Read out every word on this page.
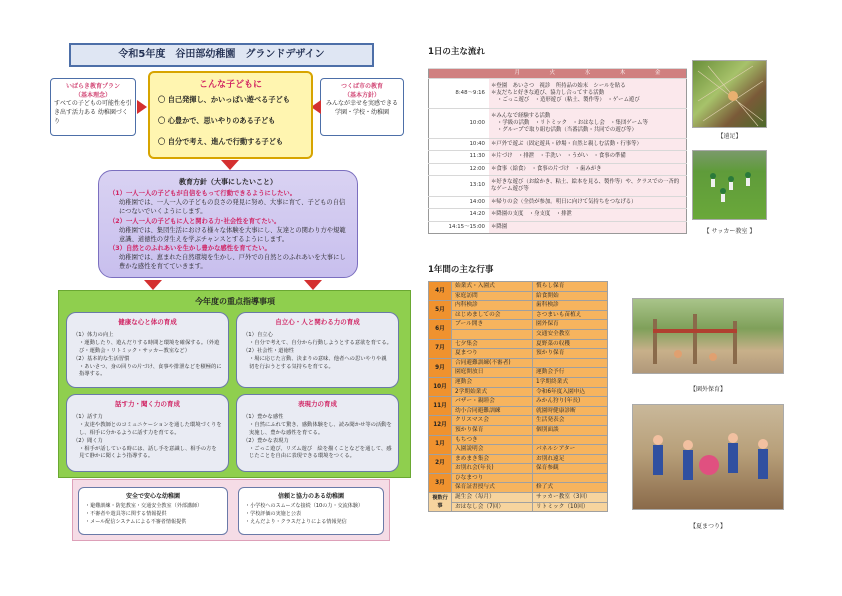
令和5年度　谷田部幼稚園　グランドデザイン
いばらき教育プラン
（基本理念）
すべての子どもの可能性を引き出す活力ある 幼稚園づくり
つくば市の教育
（基本方針）
みんなが幸せを実感できる学園・学校・幼稚園
こんな子どもに
〇 自己発揮し、かいっぱい遊べる子ども
〇 心豊かで、思いやりのある子ども
〇 自分で考え、進んで行動する子ども
教育方針（大事にしたいこと）
（1）一人一人の子どもが自信をもって行動できるようにしたい。
幼稚園では、一人一人の子どもの良さの発見に努め、大事に育て、子どもの自信につないでいくようにします。
（2）一人一人の子どもに人と関わる力･社会性を育てたい。
幼稚園では、集団生活における様々な体験を大事にし、友達との関わり方や規範意識、道徳性の芽生えを学ぶチャンスとするようにします。
（3）自然とのふれあいを生かし豊かな感性を育てたい。
幼稚園では、恵まれた自然環境を生かし、戸外での自然とのふれあいを大事にし豊かな感性を育てていきます。
今年度の重点指導事項
健康な心と体の育成
（1）体力の向上
・運動したり、遊んだりする時間と環境を確保する。（外遊び・運動会・リトミック・サッカー教室など）
（2）基本的な生活習慣
・あいさつ、身の回りの片づけ、食事や排泄などを積極的に指導する。
自立心・人と関わる力の育成
（1）自立心
・自分で考えて、自分から行動しようとする意欲を育てる。
（2）社会性・道徳性
・場に応じた言動、決まりの意味、他者への思いやりや親切を行おうとする気持ちを育てる。
話す力・聞く力の育成
（1）話す力
・友達や教師とのコミュニケーションを通した環境づくりをし、相手に分かるように話す力を育てる。
（2）聞く力
・相手が話している時には、話し手を意識し、相手の方を見て静かに聞くよう指導する。
表現力の育成
（1）豊かな感性
・自然にふれて驚き、感動体験をし、読み聞かせ等の活動を実施し、豊かな感性を育てる。
（2）豊かな表現力
・ごっこ遊び、リズム遊び　絵を描くことなどを通して、感じたことを自由に表現できる環境をつくる。
安全で安心な幼稚園
・避難訓練・防犯教室・交通安全教室（外部講師）
・不審者や遊具等に関する情報提供
・メール配信システムによる不審者情報提供
信頼と協力のある幼稚園
・小学校へのスムーズな接続（10の力・交流体験）
・学校評価の実施と公表
・えんだより・クラスだよりによる情報発信
1日の主な流れ
	月 火 水 木 金
8:48～9:16	＊登園　あいさつ　視診　所持品の始末　シールを貼る
＊友だちと好きな遊び、協力し合ってする活動
・ごっこ遊び　・造形遊び（粘土、製作等）　・ゲーム遊び

10:00	＊みんなで経験する活動
・学級の活動　・リトミック　・おはなし会　・集団ゲーム等
・グループで取り組む活動（当番活動・共同での遊び等）

10:40	＊戸外で遊ぶ（固定遊具・砂場・自然と親しむ活動・行事等）
11:30	＊片づけ　・排泄　・手洗い　・うがい　・食事の準備
12:00	＊食事（給食）　・食事の片づけ　・歯みがき
13:10	＊好きな遊び（お絵かき、粘土、絵本を見る、製作等）や、クラスでの一斉的なゲーム遊び等
14:00	＊帰りの会（全員が参加。明日に向けて気持ちをつなげる）
14:20	＊降園の支度　・身支度　・排泄
14:15～15:00	＊降園
【遠足】
【 サッカー教室 】
1年間の主な行事
4月	始業式・入園式	慣らし保育
	家庭訪問	給食開始
5月	内科検診	歯科検診
	はじめましての会	さつまいも苗植え
6月	プール開き	園外保育
		交通安全教室
7月	七夕集会	夏野菜の収穫
	夏まつり	預かり保育
9月	合同避難訓練(不審者)	
	園庭開放日	運動会予行
10月	運動会	1学期終業式
	2学期始業式	令和6年度入園申込
11月	バザー・親睦会	みかん狩り(年長)
	幼小合同避難訓練	就園時健康診断
12月	クリスマス会	生活発表会
	預かり保育	個別面談
1月	もちつき	
	入園説明会	パネルシアター
2月	まめまき集会	お別れ遠足
	お別れ会(年長)	保育参観
3月	ひなまつり	
	保育証書授与式	修了式
複数行事	誕生会（毎月）	サッカー教室（3回）
	おはなし会（7回）	リトミック（10回）
【園外保育】
【夏まつり】
